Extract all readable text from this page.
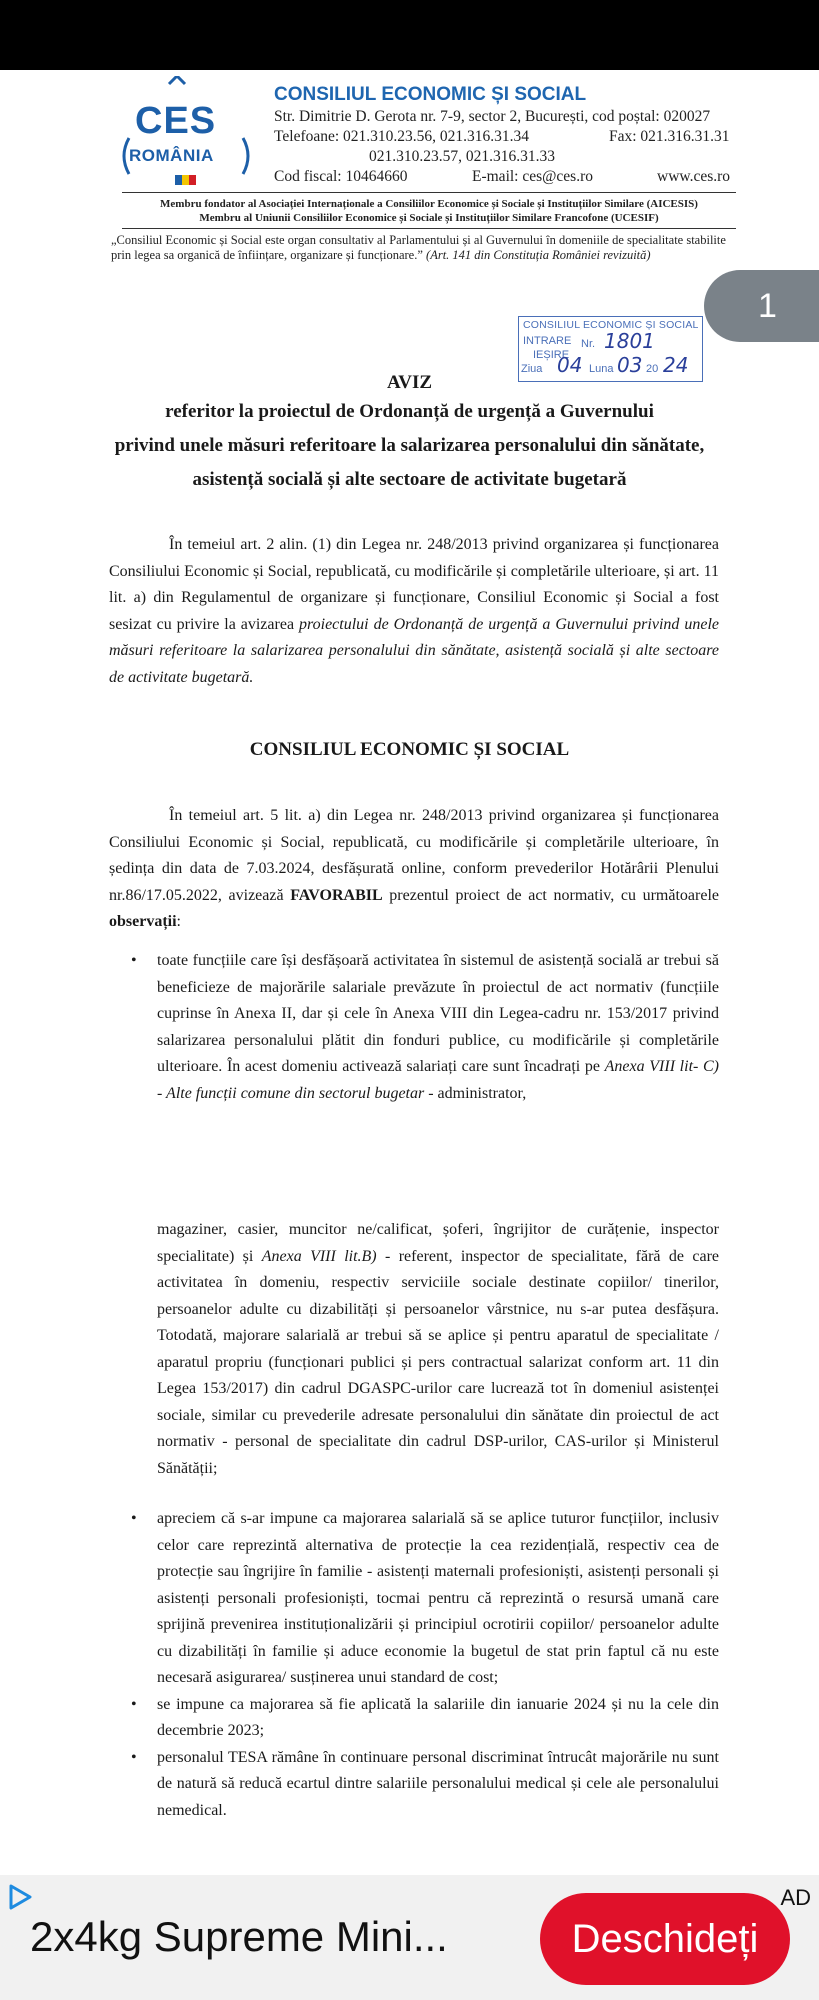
CES
ROMÂNIA
CONSILIUL ECONOMIC ȘI SOCIAL
Str. Dimitrie D. Gerota nr. 7-9, sector 2, București, cod poștal: 020027
Telefoane: 021.310.23.56, 021.316.31.34	Fax: 021.316.31.31
021.310.23.57, 021.316.31.33
Cod fiscal: 10464660	E-mail: ces@ces.ro	www.ces.ro
Membru fondator al Asociației Internaționale a Consiliilor Economice și Sociale și Instituțiilor Similare (AICESIS)
Membru al Uniunii Consiliilor Economice și Sociale și Instituțiilor Similare Francofone (UCESIF)
„Consiliul Economic și Social este organ consultativ al Parlamentului și al Guvernului în domeniile de specialitate stabilite prin legea sa organică de înființare, organizare și funcționare.” (Art. 141 din Constituția României revizuită)
CONSILIUL ECONOMIC ȘI SOCIAL
INTRARE Nr. 1801
IEȘIRE
Ziua 04 Luna 03 20 24
AVIZ
referitor la proiectul de Ordonanță de urgență a Guvernului
privind unele măsuri referitoare la salarizarea personalului din sănătate,
asistență socială și alte sectoare de activitate bugetară
În temeiul art. 2 alin. (1) din Legea nr. 248/2013 privind organizarea și funcționarea Consiliului Economic și Social, republicată, cu modificările și completările ulterioare, și art. 11 lit. a) din Regulamentul de organizare și funcționare, Consiliul Economic și Social a fost sesizat cu privire la avizarea proiectului de Ordonanță de urgență a Guvernului privind unele măsuri referitoare la salarizarea personalului din sănătate, asistență socială și alte sectoare de activitate bugetară.
CONSILIUL ECONOMIC ȘI SOCIAL
În temeiul art. 5 lit. a) din Legea nr. 248/2013 privind organizarea și funcționarea Consiliului Economic și Social, republicată, cu modificările și completările ulterioare, în ședința din data de 7.03.2024, desfășurată online, conform prevederilor Hotărârii Plenului nr.86/17.05.2022, avizează FAVORABIL prezentul proiect de act normativ, cu următoarele observații:
• toate funcțiile care își desfășoară activitatea în sistemul de asistență socială ar trebui să beneficieze de majorările salariale prevăzute în proiectul de act normativ (funcțiile cuprinse în Anexa II, dar și cele în Anexa VIII din Legea-cadru nr. 153/2017 privind salarizarea personalului plătit din fonduri publice, cu modificările și completările ulterioare. În acest domeniu activează salariați care sunt încadrați pe Anexa VIII lit- C) - Alte funcții comune din sectorul bugetar - administrator,
magaziner, casier, muncitor ne/calificat, șoferi, îngrijitor de curățenie, inspector specialitate) și Anexa VIII lit.B) - referent, inspector de specialitate, fără de care activitatea în domeniu, respectiv serviciile sociale destinate copiilor/ tinerilor, persoanelor adulte cu dizabilități și persoanelor vârstnice, nu s-ar putea desfășura. Totodată, majorare salarială ar trebui să se aplice și pentru aparatul de specialitate / aparatul propriu (funcționari publici și pers contractual salarizat conform art. 11 din Legea 153/2017) din cadrul DGASPC-urilor care lucrează tot în domeniul asistenței sociale, similar cu prevederile adresate personalului din sănătate din proiectul de act normativ - personal de specialitate din cadrul DSP-urilor, CAS-urilor și Ministerul Sănătății;
• apreciem că s-ar impune ca majorarea salarială să se aplice tuturor funcțiilor, inclusiv celor care reprezintă alternativa de protecție la cea rezidențială, respectiv cea de protecție sau îngrijire în familie - asistenți maternali profesioniști, asistenți personali și asistenți personali profesioniști, tocmai pentru că reprezintă o resursă umană care sprijină prevenirea instituționalizării și principiul ocrotirii copiilor/ persoanelor adulte cu dizabilități în familie și aduce economie la bugetul de stat prin faptul că nu este necesară asigurarea/ susținerea unui standard de cost;
• se impune ca majorarea să fie aplicată la salariile din ianuarie 2024 și nu la cele din decembrie 2023;
• personalul TESA rămâne în continuare personal discriminat întrucât majorările nu sunt de natură să reducă ecartul dintre salariile personalului medical și cele ale personalului nemedical.
1
AD
2x4kg Supreme Mini...	Deschideți
